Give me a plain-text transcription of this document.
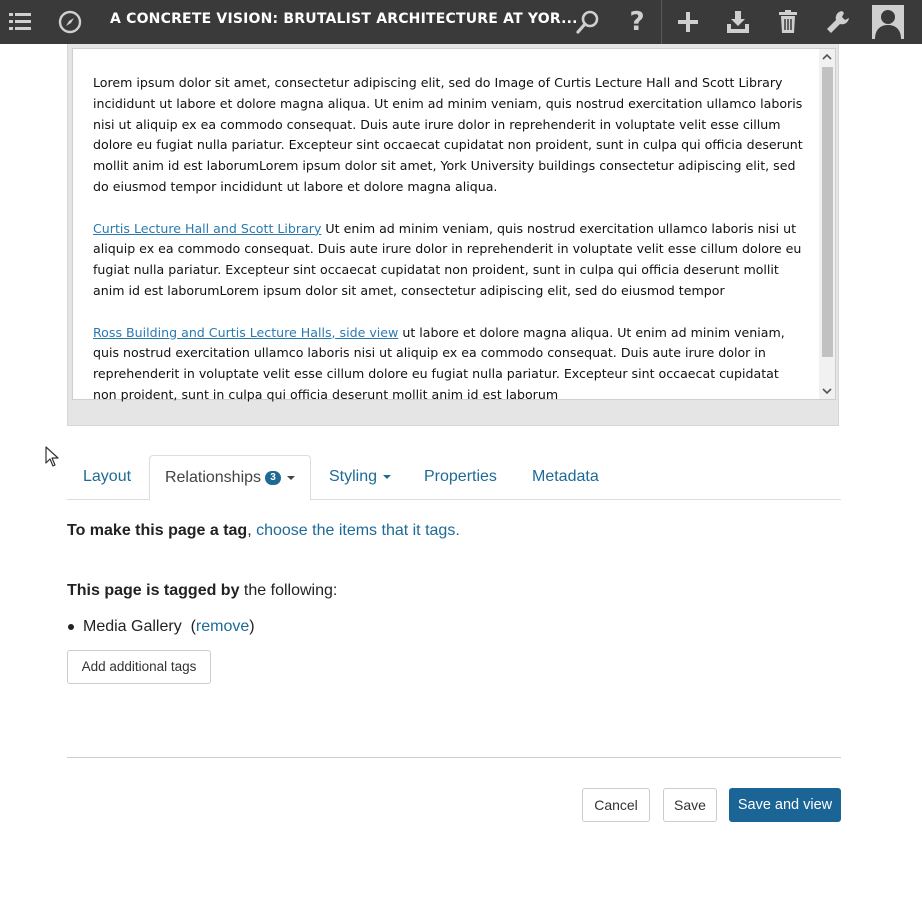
A CONCRETE VISION: BRUTALIST ARCHITECTURE AT YOR... ?

Lorem ipsum dolor sit amet, consectetur adipiscing elit, sed do Image of Curtis Lecture Hall and Scott Library incididunt ut labore et dolore magna aliqua. Ut enim ad minim veniam, quis nostrud exercitation ullamco laboris nisi ut aliquip ex ea commodo consequat. Duis aute irure dolor in reprehenderit in voluptate velit esse cillum dolore eu fugiat nulla pariatur. Excepteur sint occaecat cupidatat non proident, sunt in culpa qui officia deserunt mollit anim id est laborumLorem ipsum dolor sit amet, York University buildings consectetur adipiscing elit, sed do eiusmod tempor incididunt ut labore et dolore magna aliqua.

Curtis Lecture Hall and Scott Library Ut enim ad minim veniam, quis nostrud exercitation ullamco laboris nisi ut aliquip ex ea commodo consequat. Duis aute irure dolor in reprehenderit in voluptate velit esse cillum dolore eu fugiat nulla pariatur. Excepteur sint occaecat cupidatat non proident, sunt in culpa qui officia deserunt mollit anim id est laborumLorem ipsum dolor sit amet, consectetur adipiscing elit, sed do eiusmod tempor

Ross Building and Curtis Lecture Halls, side view ut labore et dolore magna aliqua. Ut enim ad minim veniam, quis nostrud exercitation ullamco laboris nisi ut aliquip ex ea commodo consequat. Duis aute irure dolor in reprehenderit in voluptate velit esse cillum dolore eu fugiat nulla pariatur. Excepteur sint occaecat cupidatat non proident, sunt in culpa qui officia deserunt mollit anim id est laborum

Layout	Relationships 3	Styling	Properties Metadata
To make this page a tag, choose the items that it tags.
This page is tagged by the following:
Media Gallery  (remove)
Add additional tags
Cancel	Save	Save and view
